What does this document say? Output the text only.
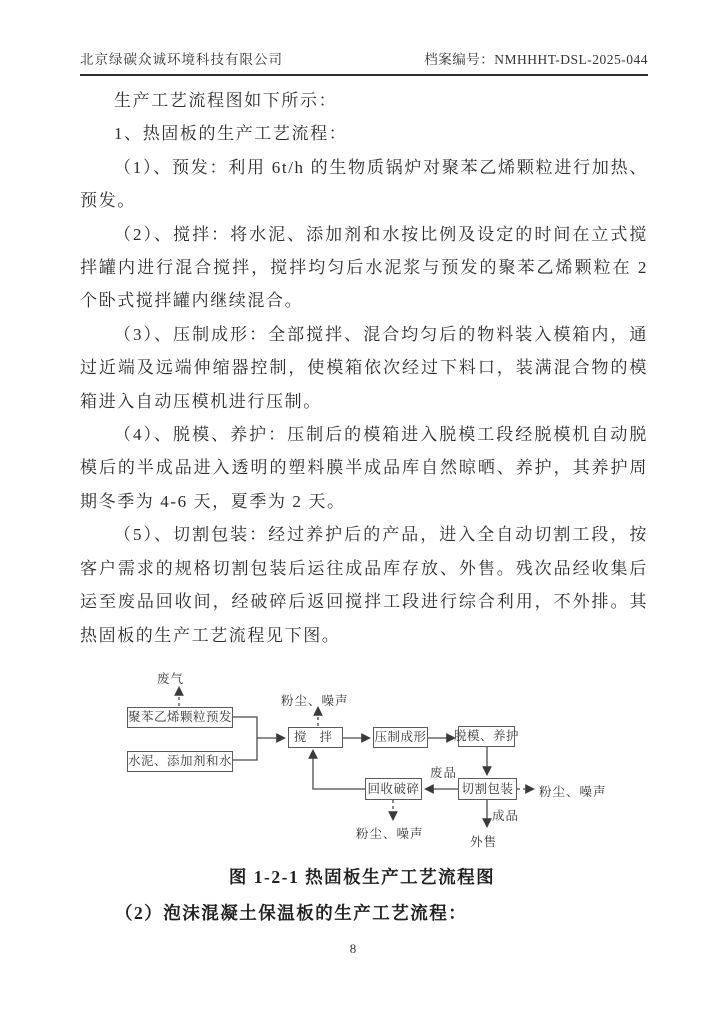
北京绿碳众诚环境科技有限公司	档案编号：NMHHHT-DSL-2025-044

生产工艺流程图如下所示：

1、热固板的生产工艺流程：

（1）、预发：利用 6t/h 的生物质锅炉对聚苯乙烯颗粒进行加热、预发。

（2）、搅拌：将水泥、添加剂和水按比例及设定的时间在立式搅拌罐内进行混合搅拌，搅拌均匀后水泥浆与预发的聚苯乙烯颗粒在 2 个卧式搅拌罐内继续混合。

（3）、压制成形：全部搅拌、混合均匀后的物料装入模箱内，通过近端及远端伸缩器控制，使模箱依次经过下料口，装满混合物的模箱进入自动压模机进行压制。

（4）、脱模、养护：压制后的模箱进入脱模工段经脱模机自动脱模后的半成品进入透明的塑料膜半成品库自然晾晒、养护，其养护周期冬季为 4-6 天，夏季为 2 天。

（5）、切割包装：经过养护后的产品，进入全自动切割工段，按客户需求的规格切割包装后运往成品库存放、外售。残次品经收集后运至废品回收间，经破碎后返回搅拌工段进行综合利用，不外排。其热固板的生产工艺流程见下图。

聚苯乙烯颗粒预发
水泥、添加剂和水
搅 拌	压制成形 脱模、养护
切割包装
回收破碎
废气
粉尘、噪声
废品
粉尘、噪声
粉尘、噪声
成品
外售
图 1-2-1 热固板生产工艺流程图
（2）泡沫混凝土保温板的生产工艺流程：
8
